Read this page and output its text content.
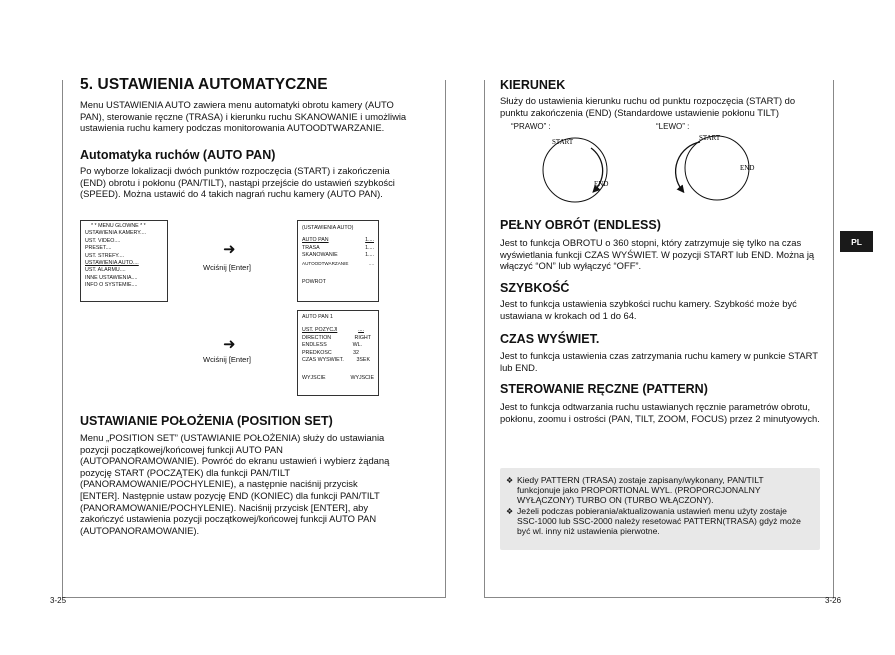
5. USTAWIENIA AUTOMATYCZNE

Menu USTAWIENIA AUTO zawiera menu automatyki obrotu kamery (AUTO PAN), sterowanie ręczne (TRASA) i kierunku ruchu SKANOWANIE i umożliwia ustawienia ruchu kamery podczas monitorowania AUTOODTWARZANIE.

Automatyka ruchów (AUTO PAN)

Po wyborze lokalizacji dwóch punktów rozpoczęcia (START) i zakończenia (END) obrotu i pokłonu (PAN/TILT), nastąpi przejście do ustawień szybkości (SPEED). Można ustawić do 4 takich nagrań ruchu kamery (AUTO PAN).

* * MENU GLOWNE * *
USTAWIENIA KAMERY....
UST. VIDEO....
PRESET....
UST. STREFY....
USTAWIENIA AUTO....
UST. ALARMU....
INNE USTAWIENIA....
INFO O SYSTEMIE....
➜
Wciśnij [Enter]
(USTAWIENIA AUTO)
AUTO PAN	1....
TRASA	1....
SKANOWANIE	1....
AUTOODTWARZANIE	....
POWROT
➜
Wciśnij [Enter]
AUTO PAN 1
UST. POZYCJI	....
DIRECTION	RIGHT
ENDLESS	WL.
PREDKOSC	32
CZAS WYSWIET. 3SEK
WYJSCIE	WYJSCIE
USTAWIANIE POŁOŻENIA (POSITION SET)

Menu „POSITION SET” (USTAWIANIE POŁOŻENIA) służy do ustawiania pozycji początkowej/końcowej funkcji AUTO PAN (AUTOPANORAMOWANIE). Powróć do ekranu ustawień i wybierz żądaną pozycję START (POCZĄTEK) dla funkcji PAN/TILT (PANORAMOWANIE/POCHYLENIE), a następnie naciśnij przycisk [ENTER]. Następnie ustaw pozycję END (KONIEC) dla funkcji PAN/TILT (PANORAMOWANIE/POCHYLENIE). Naciśnij przycisk [ENTER], aby zakończyć ustawienia pozycji początkowej/końcowej funkcji AUTO PAN (AUTOPANORAMOWANIE).

3-25
KIERUNEK

Służy do ustawienia kierunku ruchu od punktu rozpoczęcia (START) do punktu zakończenia (END) (Standardowe ustawienie pokłonu TILT)

“PRAWO” :	“LEWO” :
START
END
START
END
PEŁNY OBRÓT (ENDLESS)

Jest to funkcja OBROTU o 360 stopni, który zatrzymuje się tylko na czas wyświetlania funkcji CZAS WYŚWIET. W pozycji START lub END. Można ją włączyć “ON” lub wyłączyć “OFF”.

PL
SZYBKOŚĆ

Jest to funkcja ustawienia szybkości ruchu kamery. Szybkość może być ustawiana w krokach od 1 do 64.

CZAS WYŚWIET.

Jest to funkcja ustawienia czas zatrzymania ruchu kamery w punkcie START lub END.

STEROWANIE RĘCZNE (PATTERN)

Jest to funkcja odtwarzania ruchu ustawianych ręcznie parametrów obrotu, pokłonu, zoomu i ostrości (PAN, TILT, ZOOM, FOCUS) przez 2 minutyowych.

❖ Kiedy PATTERN (TRASA) zostaje zapisany/wykonany, PAN/TILT funkcjonuje jako PROPORTIONAL WYL. (PROPORCJONALNY WYŁĄCZONY) TURBO ON (TURBO WŁĄCZONY).
❖ Jeżeli podczas pobierania/aktualizowania ustawień menu użyty zostaje SSC-1000 lub SSC-2000 należy resetować PATTERN(TRASA) gdyż może być wl. inny niż ustawienia pierwotne.
3-26
